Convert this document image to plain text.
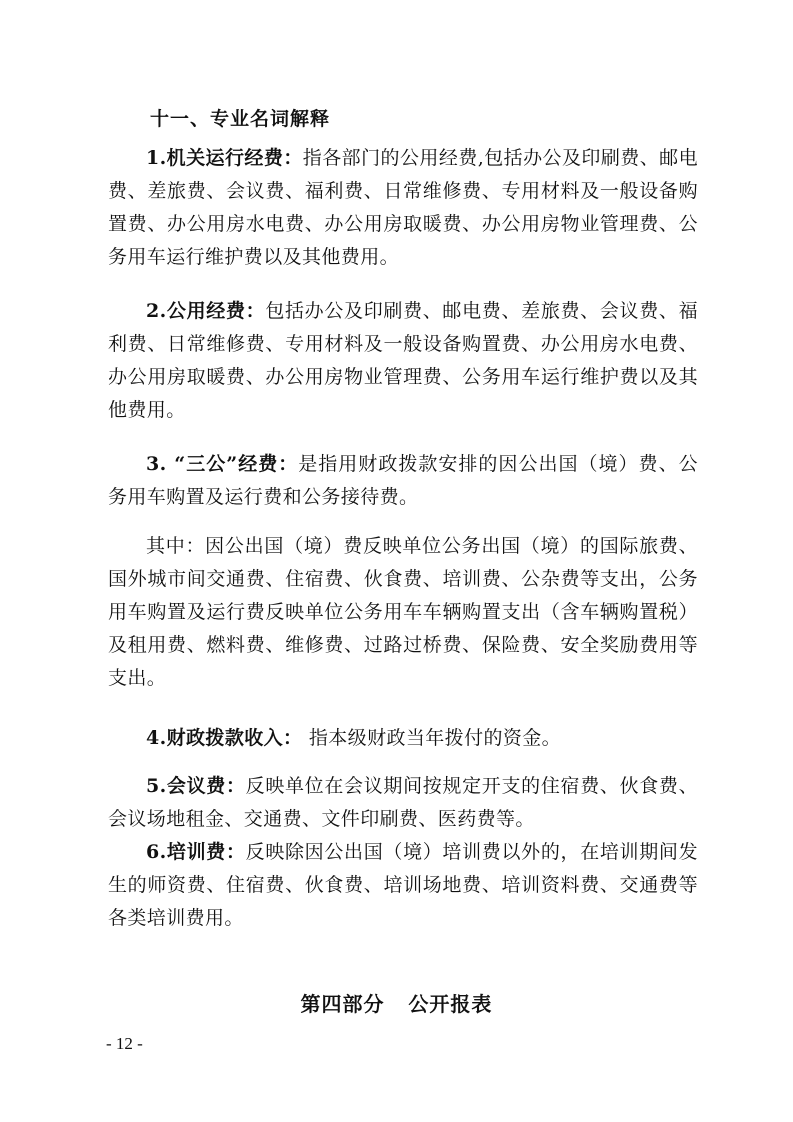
十一、专业名词解释

1.机关运行经费：指各部门的公用经费,包括办公及印刷费、邮电费、差旅费、会议费、福利费、日常维修费、专用材料及一般设备购置费、办公用房水电费、办公用房取暖费、办公用房物业管理费、公务用车运行维护费以及其他费用。

2.公用经费：包括办公及印刷费、邮电费、差旅费、会议费、福利费、日常维修费、专用材料及一般设备购置费、办公用房水电费、办公用房取暖费、办公用房物业管理费、公务用车运行维护费以及其他费用。

3. “三公”经费：是指用财政拨款安排的因公出国（境）费、公务用车购置及运行费和公务接待费。

其中：因公出国（境）费反映单位公务出国（境）的国际旅费、国外城市间交通费、住宿费、伙食费、培训费、公杂费等支出，公务用车购置及运行费反映单位公务用车车辆购置支出（含车辆购置税）及租用费、燃料费、维修费、过路过桥费、保险费、安全奖励费用等支出。

4.财政拨款收入： 指本级财政当年拨付的资金。

5.会议费：反映单位在会议期间按规定开支的住宿费、伙食费、会议场地租金、交通费、文件印刷费、医药费等。

6.培训费：反映除因公出国（境）培训费以外的，在培训期间发生的师资费、住宿费、伙食费、培训场地费、培训资料费、交通费等各类培训费用。

第四部分   公开报表

- 12 -
